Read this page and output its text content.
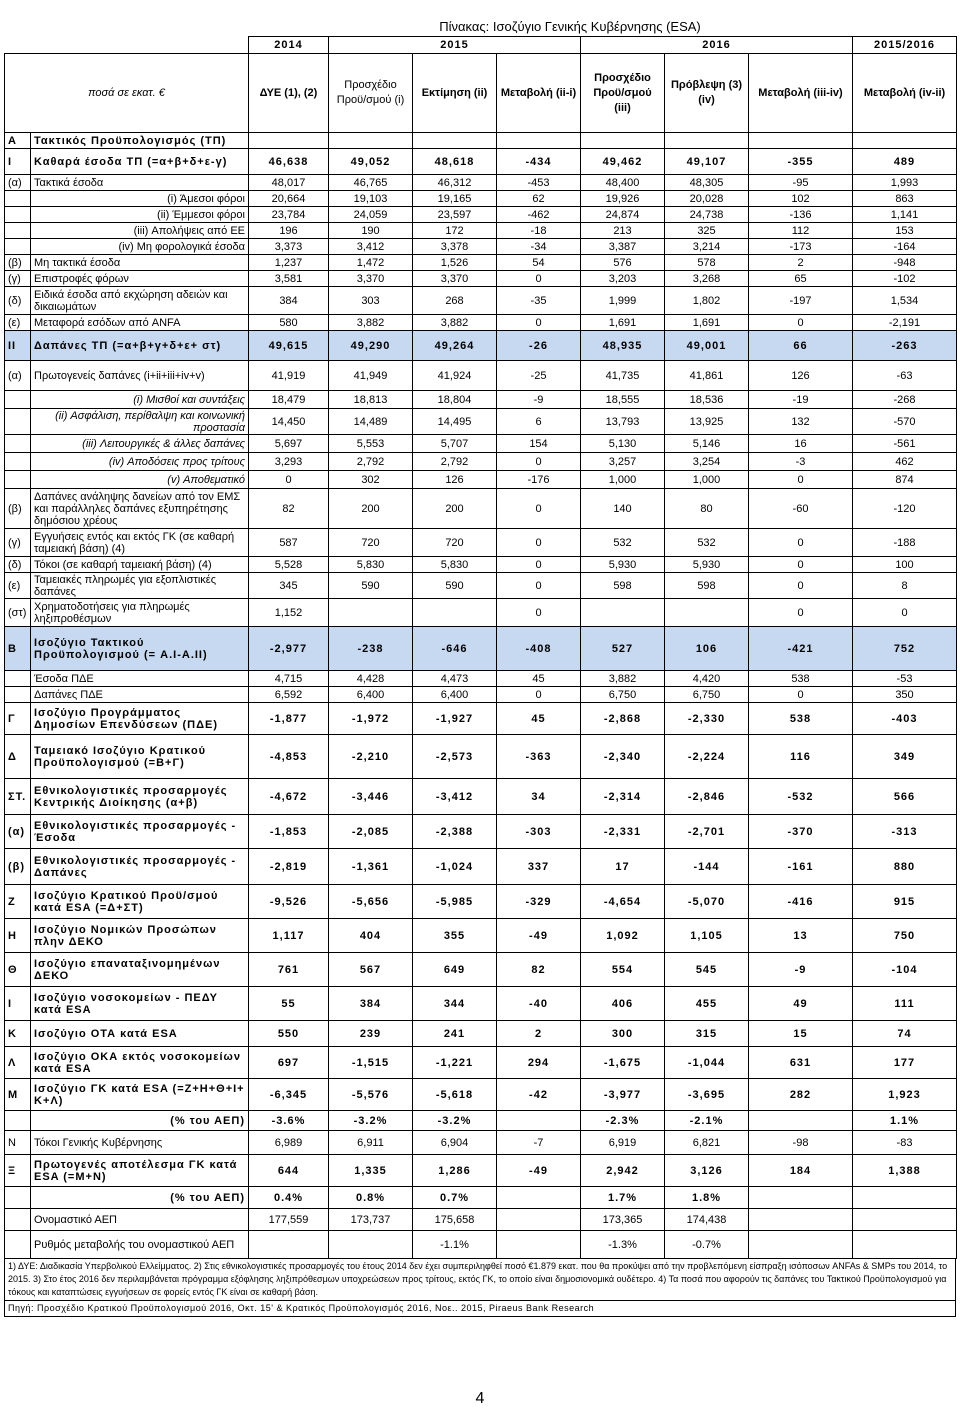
Πίνακας: Ισοζύγιο Γενικής Κυβέρνησης (ESA)
		2014	2015			2016			2015/2016
ποσά σε εκατ. €		ΔΥΕ (1), (2)	Προσχέδιο Προϋ/σμού (i)	Εκτίμηση (ii)	Μεταβολή (ii-i)	Προσχέδιο Προϋ/σμού (iii)	Πρόβλεψη (3) (iv)	Μεταβολή (iii-iv)	Μεταβολή (iv-ii)
A	Τακτικός Προϋπολογισμός (ΤΠ)								
I	Καθαρά έσοδα ΤΠ (=α+β+δ+ε-γ)	46,638	49,052	48,618	-434	49,462	49,107	-355	489
(α)	Τακτικά έσοδα	48,017	46,765	46,312	-453	48,400	48,305	-95	1,993
	(i) Άμεσοι φόροι	20,664	19,103	19,165	62	19,926	20,028	102	863
	(ii) Έμμεσοι φόροι	23,784	24,059	23,597	-462	24,874	24,738	-136	1,141
	(iii) Απολήψεις από ΕΕ	196	190	172	-18	213	325	112	153
	(iv) Μη φορολογικά έσοδα	3,373	3,412	3,378	-34	3,387	3,214	-173	-164
(β)	Μη τακτικά έσοδα	1,237	1,472	1,526	54	576	578	2	-948
(γ)	Επιστροφές φόρων	3,581	3,370	3,370	0	3,203	3,268	65	-102
(δ)	Ειδικά έσοδα από εκχώρηση αδειών και δικαιωμάτων	384	303	268	-35	1,999	1,802	-197	1,534
(ε)	Μεταφορά εσόδων από ANFA	580	3,882	3,882	0	1,691	1,691	0	-2,191
II	Δαπάνες ΤΠ (=α+β+γ+δ+ε+ στ)	49,615	49,290	49,264	-26	48,935	49,001	66	-263
(α)	Πρωτογενείς δαπάνες (i+ii+iii+iv+v)	41,919	41,949	41,924	-25	41,735	41,861	126	-63
	(i) Μισθοί και συντάξεις	18,479	18,813	18,804	-9	18,555	18,536	-19	-268
	(ii) Ασφάλιση, περίθαλψη και κοινωνική προστασία	14,450	14,489	14,495	6	13,793	13,925	132	-570
	(iii) Λειτουργικές & άλλες δαπάνες	5,697	5,553	5,707	154	5,130	5,146	16	-561
	(iv) Αποδόσεις προς τρίτους	3,293	2,792	2,792	0	3,257	3,254	-3	462
	(v) Αποθεματικό	0	302	126	-176	1,000	1,000	0	874
(β)	Δαπάνες ανάληψης δανείων από τον ΕΜΣ και παράλληλες δαπάνες εξυπηρέτησης δημόσιου χρέους	82	200	200	0	140	80	-60	-120
(γ)	Εγγυήσεις εντός και εκτός ΓΚ (σε καθαρή ταμειακή βάση) (4)	587	720	720	0	532	532	0	-188
(δ)	Τόκοι (σε καθαρή ταμειακή βάση) (4)	5,528	5,830	5,830	0	5,930	5,930	0	100
(ε)	Ταμειακές πληρωμές για εξοπλιστικές δαπάνες	345	590	590	0	598	598	0	8
(στ)	Χρηματοδοτήσεις για πληρωμές ληξιπροθέσμων	1,152			0			0	0
B	Ισοζύγιο Τακτικού Προϋπολογισμού (= A.I-A.II)	-2,977	-238	-646	-408	527	106	-421	752
	Έσοδα ΠΔΕ	4,715	4,428	4,473	45	3,882	4,420	538	-53
	Δαπάνες ΠΔΕ	6,592	6,400	6,400	0	6,750	6,750	0	350
Γ	Ισοζύγιο Προγράμματος Δημοσίων Επενδύσεων (ΠΔΕ)	-1,877	-1,972	-1,927	45	-2,868	-2,330	538	-403
Δ	Ταμειακό Ισοζύγιο Κρατικού Προϋπολογισμού (=B+Γ)	-4,853	-2,210	-2,573	-363	-2,340	-2,224	116	349
ΣΤ.	Εθνικολογιστικές προσαρμογές Κεντρικής Διοίκησης (α+β)	-4,672	-3,446	-3,412	34	-2,314	-2,846	-532	566
(α)	Εθνικολογιστικές προσαρμογές - Έσοδα	-1,853	-2,085	-2,388	-303	-2,331	-2,701	-370	-313
(β)	Εθνικολογιστικές προσαρμογές - Δαπάνες	-2,819	-1,361	-1,024	337	17	-144	-161	880
Ζ	Ισοζύγιο Κρατικού Προϋ/σμού κατά ESA (=Δ+ΣΤ)	-9,526	-5,656	-5,985	-329	-4,654	-5,070	-416	915
Η	Ισοζύγιο Νομικών Προσώπων πλην ΔΕΚΟ	1,117	404	355	-49	1,092	1,105	13	750
Θ	Ισοζύγιο επαναταξινομημένων ΔΕΚΟ	761	567	649	82	554	545	-9	-104
Ι	Ισοζύγιο νοσοκομείων - ΠΕΔΥ κατά ESA	55	384	344	-40	406	455	49	111
Κ	Ισοζύγιο ΟΤΑ κατά ESA	550	239	241	2	300	315	15	74
Λ	Ισοζύγιο ΟΚΑ εκτός νοσοκομείων κατά ESA	697	-1,515	-1,221	294	-1,675	-1,044	631	177
Μ	Ισοζύγιο ΓΚ κατά ESA (=Ζ+Η+Θ+Ι+ Κ+Λ)	-6,345	-5,576	-5,618	-42	-3,977	-3,695	282	1,923
	(% του ΑΕΠ)	-3.6%	-3.2%	-3.2%		-2.3%	-2.1%		1.1%
Ν	Τόκοι Γενικής Κυβέρνησης	6,989	6,911	6,904	-7	6,919	6,821	-98	-83
Ξ	Πρωτογενές αποτέλεσμα ΓΚ κατά ESA (=Μ+Ν)	644	1,335	1,286	-49	2,942	3,126	184	1,388
	(% του ΑΕΠ)	0.4%	0.8%	0.7%		1.7%	1.8%		
	Ονομαστικό ΑΕΠ	177,559	173,737	175,658		173,365	174,438		
	Ρυθμός μεταβολής του ονομαστικού ΑΕΠ			-1.1%		-1.3%	-0.7%		
1) ΔΥΕ: Διαδικασία Υπερβολικού Ελλείμματος. 2) Στις εθνικολογιστικές προσαρμογές του έτους 2014 δεν έχει συμπεριληφθεί ποσό €1.879 εκατ. που θα προκύψει από την προβλεπόμενη είσπραξη ισόποσων ANFAs & SMPs του 2014, το 2015. 3) Στο έτος 2016 δεν περιλαμβάνεται πρόγραμμα εξόφλησης ληξιπρόθεσμων υποχρεώσεων προς τρίτους, εκτός ΓΚ, το οποίο είναι δημοσιονομικά ουδέτερο. 4) Τα ποσά που αφορούν τις δαπάνες του Τακτικού Προϋπολογισμού για τόκους και καταπτώσεις εγγυήσεων σε φορείς εντός ΓΚ είναι σε καθαρή βάση.
Πηγή: Προσχέδιο Κρατικού Προϋπολογισμού 2016, Οκτ. 15' & Κρατικός Προϋπολογισμός 2016, Νοε.. 2015, Piraeus Bank Research
4
